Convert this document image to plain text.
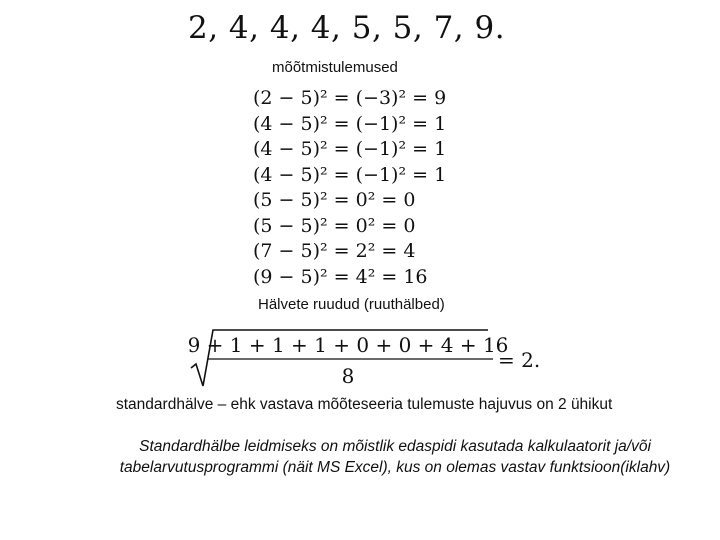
2, 4, 4, 4, 5, 5, 7, 9.
mõõtmistulemused
(2 − 5)² = (−3)² = 9
(4 − 5)² = (−1)² = 1
(4 − 5)² = (−1)² = 1
(4 − 5)² = (−1)² = 1
(5 − 5)² = 0² = 0
(5 − 5)² = 0² = 0
(7 − 5)² = 2² = 4
(9 − 5)² = 4² = 16
Hälvete ruudud (ruuthälbed)
9 + 1 + 1 + 1 + 0 + 0 + 4 + 16
8
= 2.
standardhälve – ehk vastava mõõteseeria tulemuste hajuvus on 2 ühikut
Standardhälbe leidmiseks on mõistlik edaspidi kasutada kalkulaatorit ja/või tabelarvutusprogrammi (näit MS Excel), kus on olemas vastav funktsioon(iklahv)
